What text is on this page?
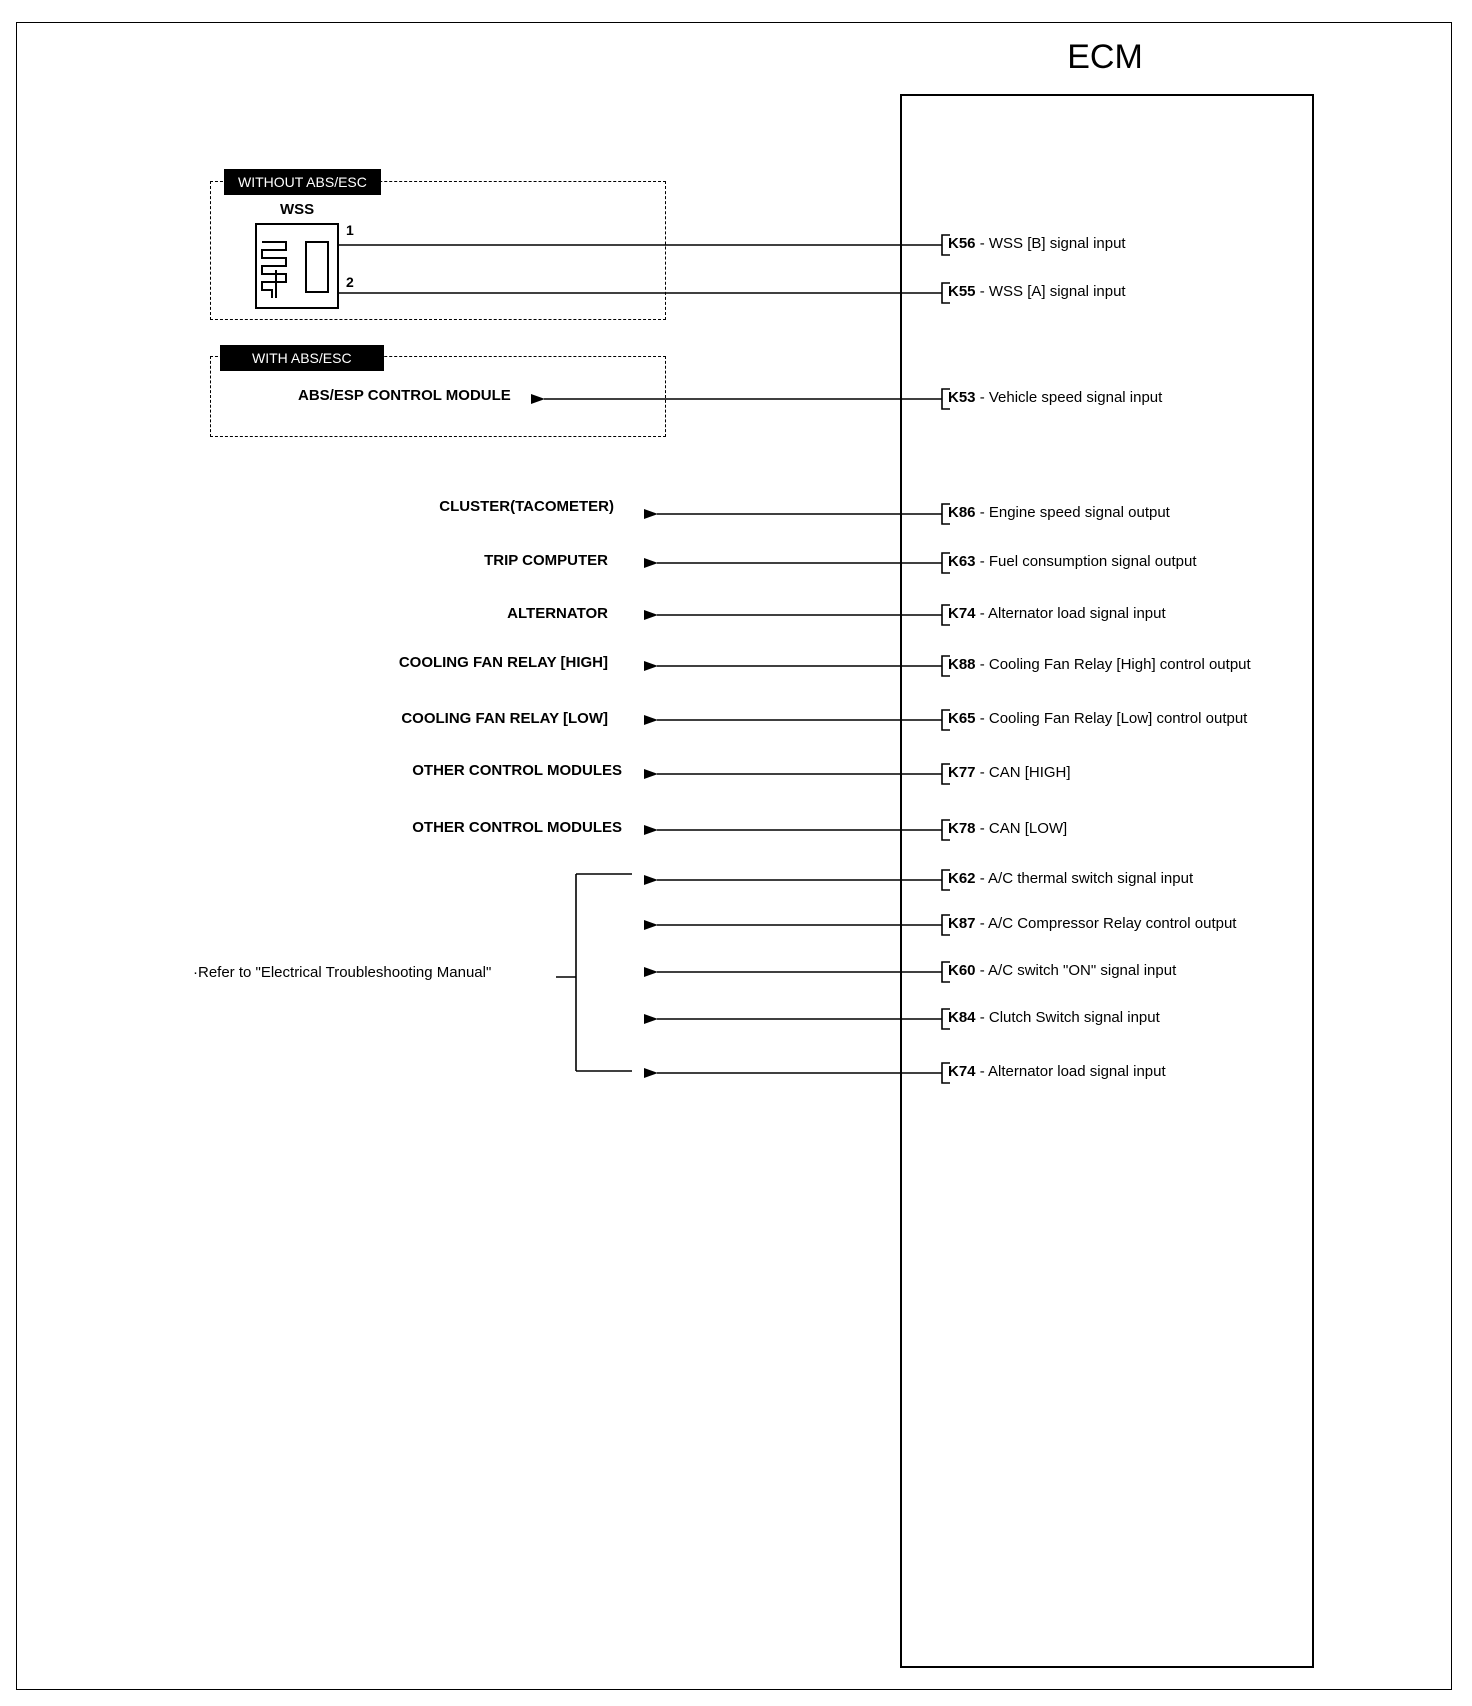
ECM
WITHOUT ABS/ESC
WSS
1
2
WITH ABS/ESC
ABS/ESP CONTROL MODULE
CLUSTER(TACOMETER)
TRIP COMPUTER
ALTERNATOR
COOLING FAN RELAY [HIGH]
COOLING FAN RELAY [LOW]
OTHER CONTROL MODULES
OTHER CONTROL MODULES
·Refer to "Electrical Troubleshooting Manual"
K56 - WSS [B] signal input
K55 - WSS [A] signal input
K53 - Vehicle speed signal input
K86 - Engine speed signal output
K63 - Fuel consumption signal output
K74 - Alternator load signal input
K88 - Cooling Fan Relay [High] control output
K65 - Cooling Fan Relay [Low] control output
K77 - CAN [HIGH]
K78 - CAN [LOW]
K62 - A/C thermal switch signal input
K87 - A/C Compressor Relay control output
K60 - A/C switch "ON" signal input
K84 - Clutch Switch signal input
K74 - Alternator load signal input
